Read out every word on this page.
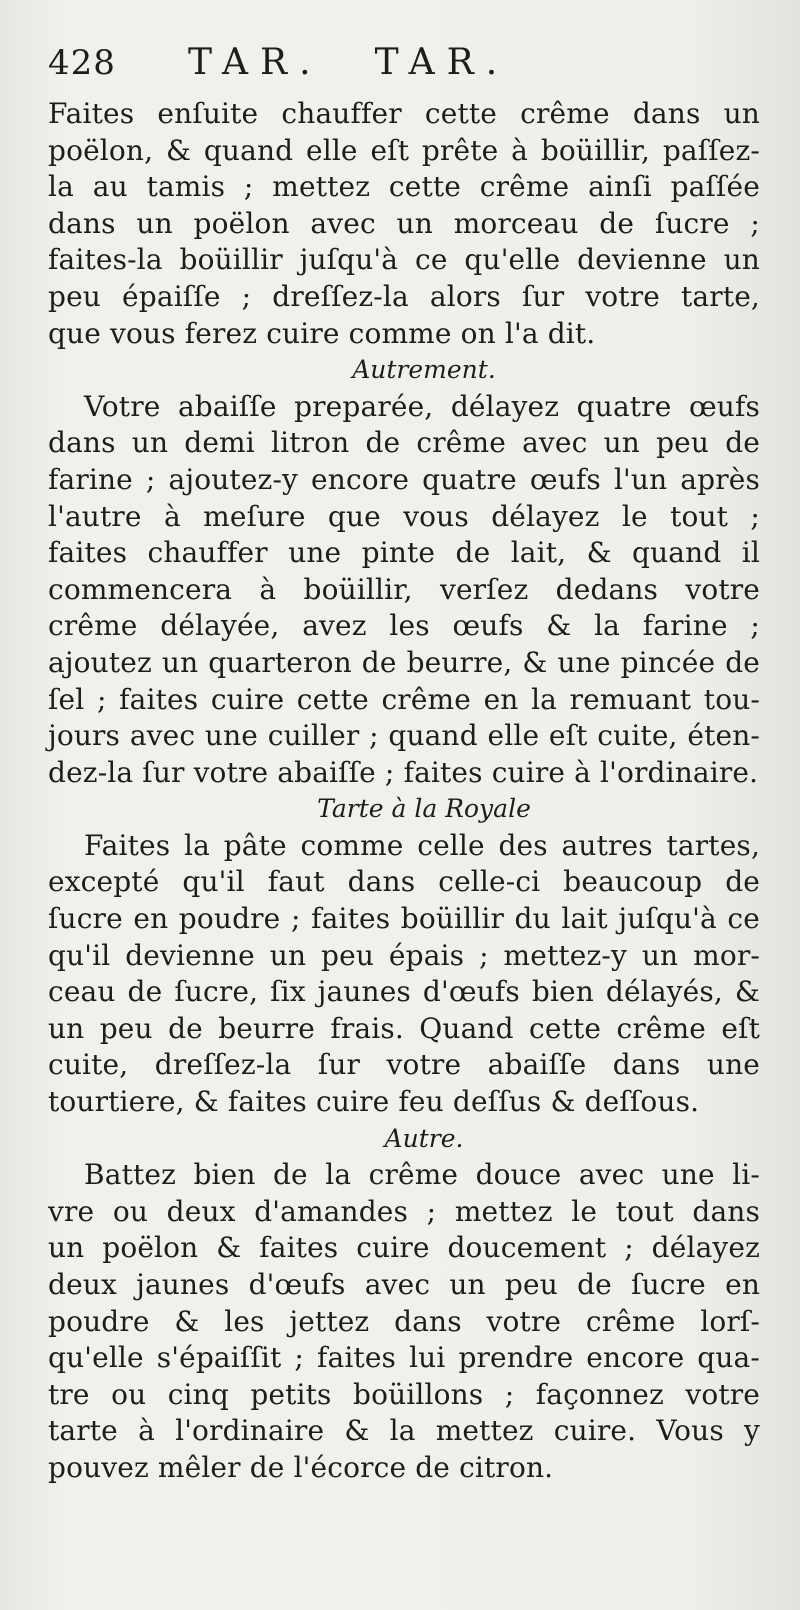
428	TAR. TAR.
Faites enſuite chauffer cette crême dans un
poëlon, & quand elle eſt prête à boüillir, paſſez-
la au tamis ; mettez cette crême ainſi paſſée
dans un poëlon avec un morceau de ſucre ;
faites-la boüillir juſqu'à ce qu'elle devienne un
peu épaiſſe ; dreſſez-la alors ſur votre tarte,
que vous ferez cuire comme on l'a dit.
Autrement.
Votre abaiſſe preparée, délayez quatre œufs
dans un demi litron de crême avec un peu de
farine ; ajoutez-y encore quatre œufs l'un après
l'autre à meſure que vous délayez le tout ;
faites chauffer une pinte de lait, & quand il
commencera à boüillir, verſez dedans votre
crême délayée, avez les œufs & la farine ;
ajoutez un quarteron de beurre, & une pincée de
ſel ; faites cuire cette crême en la remuant tou-
jours avec une cuiller ; quand elle eſt cuite, éten-
dez-la ſur votre abaiſſe ; faites cuire à l'ordinaire.
Tarte à la Royale
Faites la pâte comme celle des autres tartes,
excepté qu'il faut dans celle-ci beaucoup de
ſucre en poudre ; faites boüillir du lait juſqu'à ce
qu'il devienne un peu épais ; mettez-y un mor-
ceau de ſucre, ſix jaunes d'œufs bien délayés, &
un peu de beurre frais. Quand cette crême eſt
cuite, dreſſez-la ſur votre abaiſſe dans une
tourtiere, & faites cuire feu deſſus & deſſous.
Autre.
Battez bien de la crême douce avec une li-
vre ou deux d'amandes ; mettez le tout dans
un poëlon & faites cuire doucement ; délayez
deux jaunes d'œufs avec un peu de ſucre en
poudre & les jettez dans votre crême lorſ-
qu'elle s'épaiſſit ; faites lui prendre encore qua-
tre ou cinq petits boüillons ; façonnez votre
tarte à l'ordinaire & la mettez cuire. Vous y
pouvez mêler de l'écorce de citron.
